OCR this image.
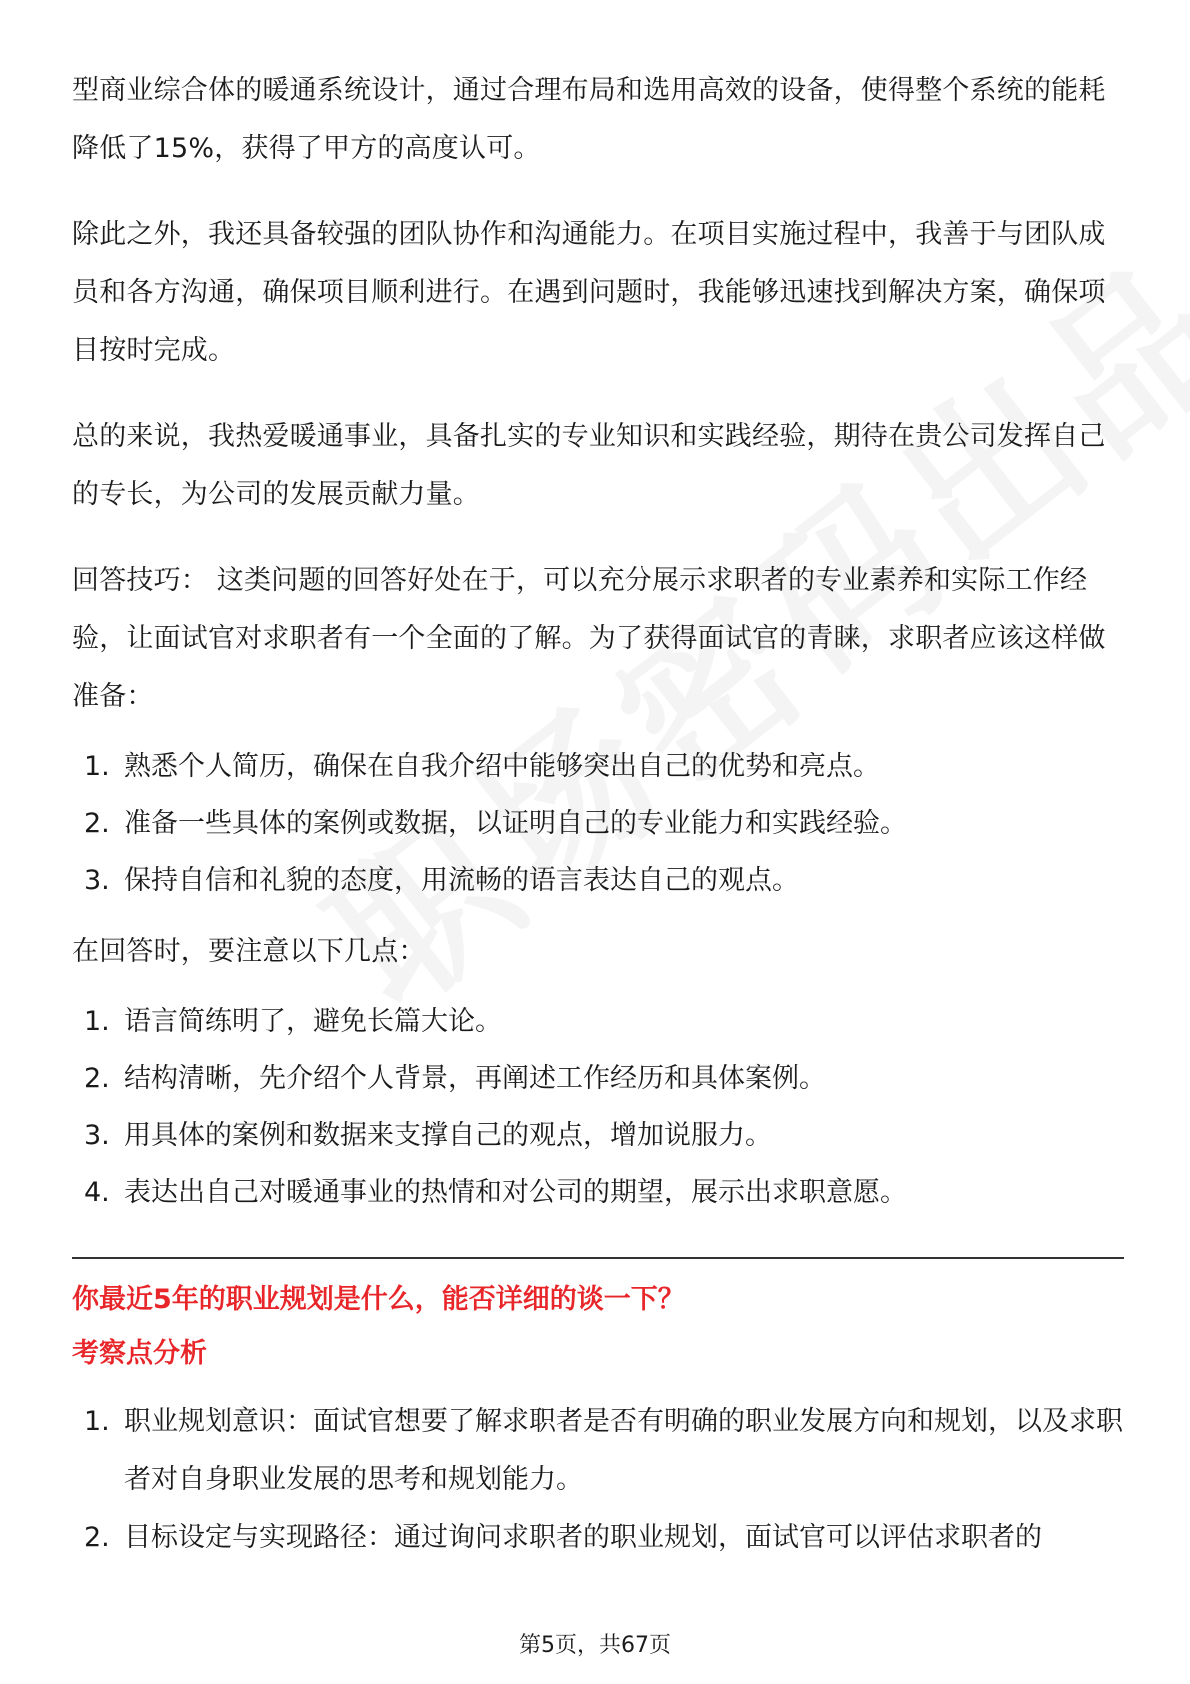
型商业综合体的暖通系统设计，通过合理布局和选用高效的设备，使得整个系统的能耗降低了15%，获得了甲方的高度认可。

除此之外，我还具备较强的团队协作和沟通能力。在项目实施过程中，我善于与团队成员和各方沟通，确保项目顺利进行。在遇到问题时，我能够迅速找到解决方案，确保项目按时完成。

总的来说，我热爱暖通事业，具备扎实的专业知识和实践经验，期待在贵公司发挥自己的专长，为公司的发展贡献力量。

回答技巧： 这类问题的回答好处在于，可以充分展示求职者的专业素养和实际工作经验，让面试官对求职者有一个全面的了解。为了获得面试官的青睐，求职者应该这样做准备：

1. 熟悉个人简历，确保在自我介绍中能够突出自己的优势和亮点。
2. 准备一些具体的案例或数据，以证明自己的专业能力和实践经验。
3. 保持自信和礼貌的态度，用流畅的语言表达自己的观点。

在回答时，要注意以下几点：

1. 语言简练明了，避免长篇大论。
2. 结构清晰，先介绍个人背景，再阐述工作经历和具体案例。
3. 用具体的案例和数据来支撑自己的观点，增加说服力。
4. 表达出自己对暖通事业的热情和对公司的期望，展示出求职意愿。

你最近5年的职业规划是什么，能否详细的谈一下？

考察点分析

1. 职业规划意识：面试官想要了解求职者是否有明确的职业发展方向和规划，以及求职者对自身职业发展的思考和规划能力。
2. 目标设定与实现路径：通过询问求职者的职业规划，面试官可以评估求职者的
第5页，共67页
